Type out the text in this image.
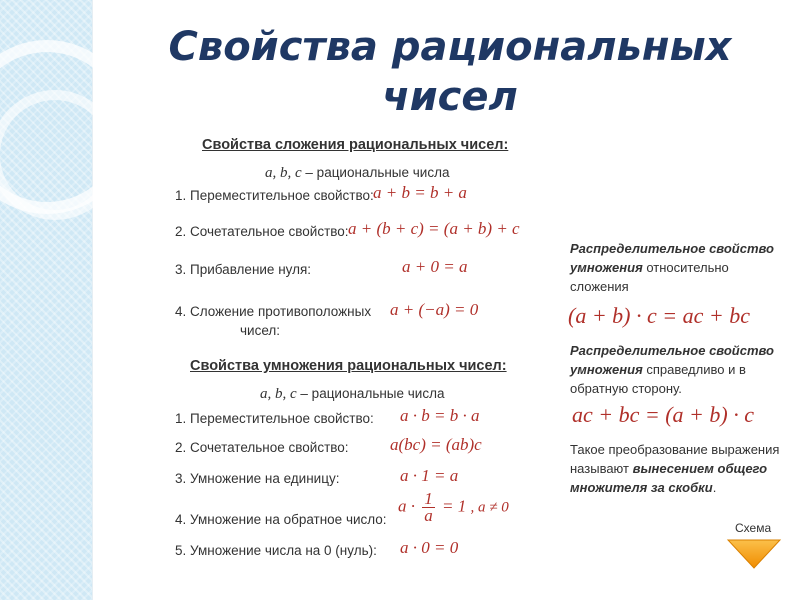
Свойства рациональных чисел
Свойства сложения рациональных чисел:
a, b, c – рациональные числа
1. Переместительное свойство: a + b = b + a
2. Сочетательное свойство: a + (b + c) = (a + b) + c
3. Прибавление нуля:	a + 0 = a
4. Сложение противоположных
чисел:
a + (−a) = 0
Свойства умножения рациональных чисел:
a, b, c – рациональные числа
1. Переместительное свойство: a · b = b · a
2. Сочетательное свойство: a(bc) = (ab)c
3. Умножение на единицу:	a · 1 = a
4. Умножение на обратное число:
$a \cdot \frac{1}{a} = 1$ , a ≠ 0
5. Умножение числа на 0 (нуль): a · 0 = 0
Распределительное свойство умножения относительно сложения
(a + b) · c = ac + bc
Распределительное свойство умножения справедливо и в обратную сторону.
ac + bc = (a + b) · c
Такое преобразование выражения называют вынесением общего множителя за скобки.
Схема
